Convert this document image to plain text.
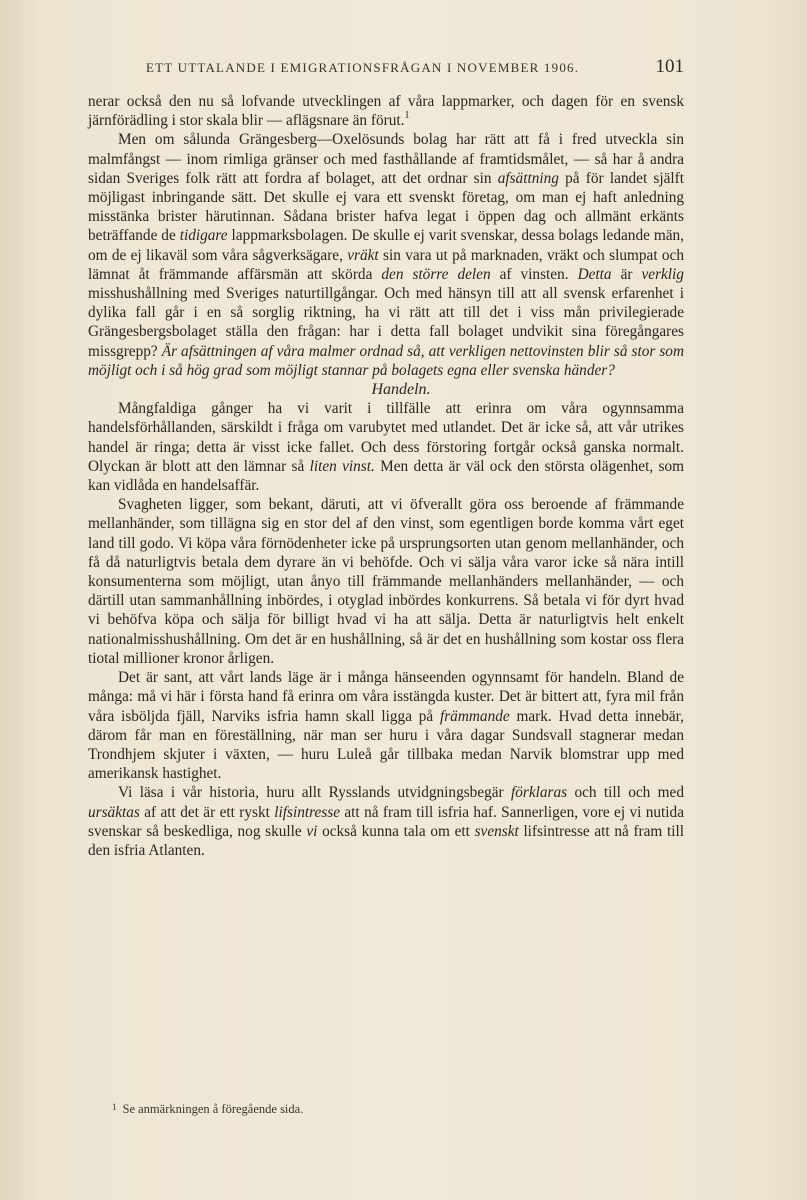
ETT UTTALANDE I EMIGRATIONSFRÅGAN I NOVEMBER 1906.	101

nerar också den nu så lofvande utvecklingen af våra lappmarker, och dagen för en svensk järnförädling i stor skala blir — aflägsnare än förut.$^1$

Men om sålunda Grängesberg—Oxelösunds bolag har rätt att få i fred utveckla sin malmfångst — inom rimliga gränser och med fasthållande af framtidsmålet, — så har å andra sidan Sveriges folk rätt att fordra af bolaget, att det ordnar sin afsättning på för landet själft möjligast inbringande sätt. Det skulle ej vara ett svenskt företag, om man ej haft anledning misstänka brister härutinnan. Sådana brister hafva legat i öppen dag och allmänt erkänts beträffande de tidigare lappmarksbolagen. De skulle ej varit svenskar, dessa bolags ledande män, om de ej likaväl som våra sågverksägare, vräkt sin vara ut på marknaden, vräkt och slumpat och lämnat åt främmande affärsmän att skörda den större delen af vinsten. Detta är verklig misshushållning med Sveriges naturtillgångar. Och med hänsyn till att all svensk erfarenhet i dylika fall går i en så sorglig riktning, ha vi rätt att till det i viss mån privilegierade Grängesbergsbolaget ställa den frågan: har i detta fall bolaget undvikit sina föregångares missgrepp? Är afsättningen af våra malmer ordnad så, att verkligen nettovinsten blir så stor som möjligt och i så hög grad som möjligt stannar på bolagets egna eller svenska händer?

Handeln.

Mångfaldiga gånger ha vi varit i tillfälle att erinra om våra ogynnsamma handelsförhållanden, särskildt i fråga om varubytet med utlandet. Det är icke så, att vår utrikes handel är ringa; detta är visst icke fallet. Och dess förstoring fortgår också ganska normalt. Olyckan är blott att den lämnar så liten vinst. Men detta är väl ock den största olägenhet, som kan vidlåda en handelsaffär.

Svagheten ligger, som bekant, däruti, att vi öfverallt göra oss beroende af främmande mellanhänder, som tillägna sig en stor del af den vinst, som egentligen borde komma vårt eget land till godo. Vi köpa våra förnödenheter icke på ursprungsorten utan genom mellanhänder, och få då naturligtvis betala dem dyrare än vi behöfde. Och vi sälja våra varor icke så nära intill konsumenterna som möjligt, utan ånyo till främmande mellanhänders mellanhänder, — och därtill utan sammanhållning inbördes, i otyglad inbördes konkurrens. Så betala vi för dyrt hvad vi behöfva köpa och sälja för billigt hvad vi ha att sälja. Detta är naturligtvis helt enkelt nationalmisshushållning. Om det är en hushållning, så är det en hushållning som kostar oss flera tiotal millioner kronor årligen.

Det är sant, att vårt lands läge är i många hänseenden ogynnsamt för handeln. Bland de många: må vi här i första hand få erinra om våra isstängda kuster. Det är bittert att, fyra mil från våra isböljda fjäll, Narviks isfria hamn skall ligga på främmande mark. Hvad detta innebär, därom får man en föreställning, när man ser huru i våra dagar Sundsvall stagnerar medan Trondhjem skjuter i växten, — huru Luleå går tillbaka medan Narvik blomstrar upp med amerikansk hastighet.

Vi läsa i vår historia, huru allt Rysslands utvidgningsbegär förklaras och till och med ursäktas af att det är ett ryskt lifsintresse att nå fram till isfria haf. Sannerligen, vore ej vi nutida svenskar så beskedliga, nog skulle vi också kunna tala om ett svenskt lifsintresse att nå fram till den isfria Atlanten.

$^1$ Se anmärkningen å föregående sida.
